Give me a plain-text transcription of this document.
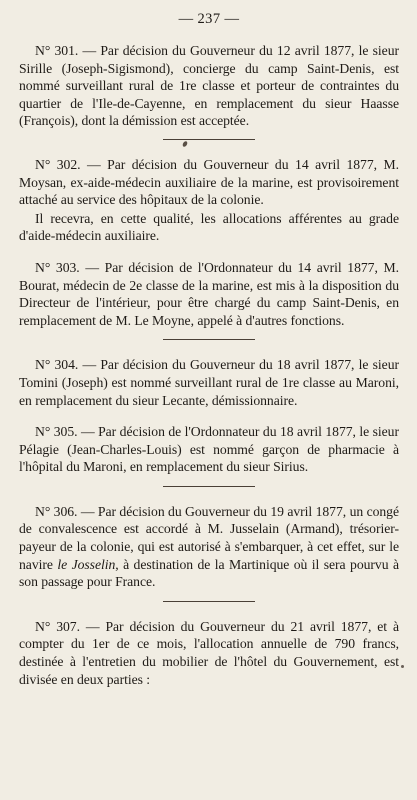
— 237 —

N° 301. — Par décision du Gouverneur du 12 avril 1877, le sieur Sirille (Joseph-Sigismond), concierge du camp Saint-Denis, est nommé surveillant rural de 1re classe et porteur de contraintes du quartier de l'Ile-de-Cayenne, en remplacement du sieur Haasse (François), dont la démission est acceptée.

N° 302. — Par décision du Gouverneur du 14 avril 1877, M. Moysan, ex-aide-médecin auxiliaire de la marine, est provisoirement attaché au service des hôpitaux de la colonie.

Il recevra, en cette qualité, les allocations afférentes au grade d'aide-médecin auxiliaire.

N° 303. — Par décision de l'Ordonnateur du 14 avril 1877, M. Bourat, médecin de 2e classe de la marine, est mis à la disposition du Directeur de l'intérieur, pour être chargé du camp Saint-Denis, en remplacement de M. Le Moyne, appelé à d'autres fonctions.

N° 304. — Par décision du Gouverneur du 18 avril 1877, le sieur Tomini (Joseph) est nommé surveillant rural de 1re classe au Maroni, en remplacement du sieur Lecante, démissionnaire.

N° 305. — Par décision de l'Ordonnateur du 18 avril 1877, le sieur Pélagie (Jean-Charles-Louis) est nommé garçon de pharmacie à l'hôpital du Maroni, en remplacement du sieur Sirius.

N° 306. — Par décision du Gouverneur du 19 avril 1877, un congé de convalescence est accordé à M. Jusselain (Armand), trésorier-payeur de la colonie, qui est autorisé à s'embarquer, à cet effet, sur le navire le Josselin, à destination de la Martinique où il sera pourvu à son passage pour France.

N° 307. — Par décision du Gouverneur du 21 avril 1877, et à compter du 1er de ce mois, l'allocation annuelle de 790 francs, destinée à l'entretien du mobilier de l'hôtel du Gouvernement, est divisée en deux parties :
